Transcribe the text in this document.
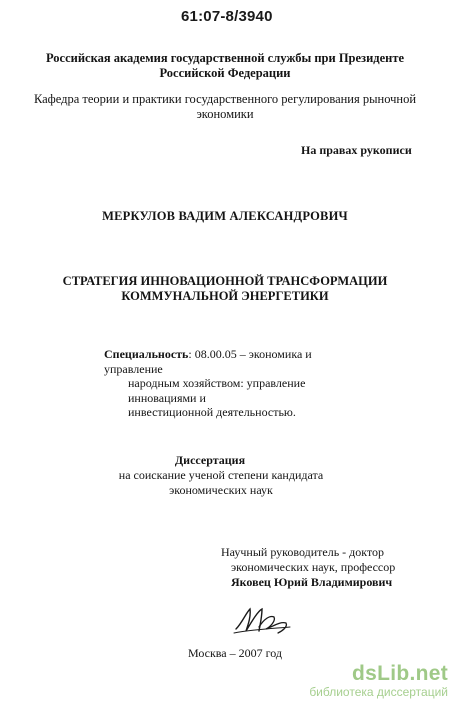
61:07-8/3940
Российская академия государственной службы при Президенте
Российской Федерации
Кафедра теории и практики государственного регулирования рыночной
экономики
На правах рукописи
МЕРКУЛОВ ВАДИМ АЛЕКСАНДРОВИЧ
СТРАТЕГИЯ ИННОВАЦИОННОЙ ТРАНСФОРМАЦИИ
КОММУНАЛЬНОЙ ЭНЕРГЕТИКИ
Специальность: 08.00.05 – экономика и управление
народным хозяйством: управление инновациями и
инвестиционной деятельностью.
Диссертация
на соискание ученой степени кандидата
экономических наук
Научный руководитель - доктор
экономических наук, профессор
Яковец Юрий Владимирович
Москва – 2007 год
dsLib.net
библиотека диссертаций
